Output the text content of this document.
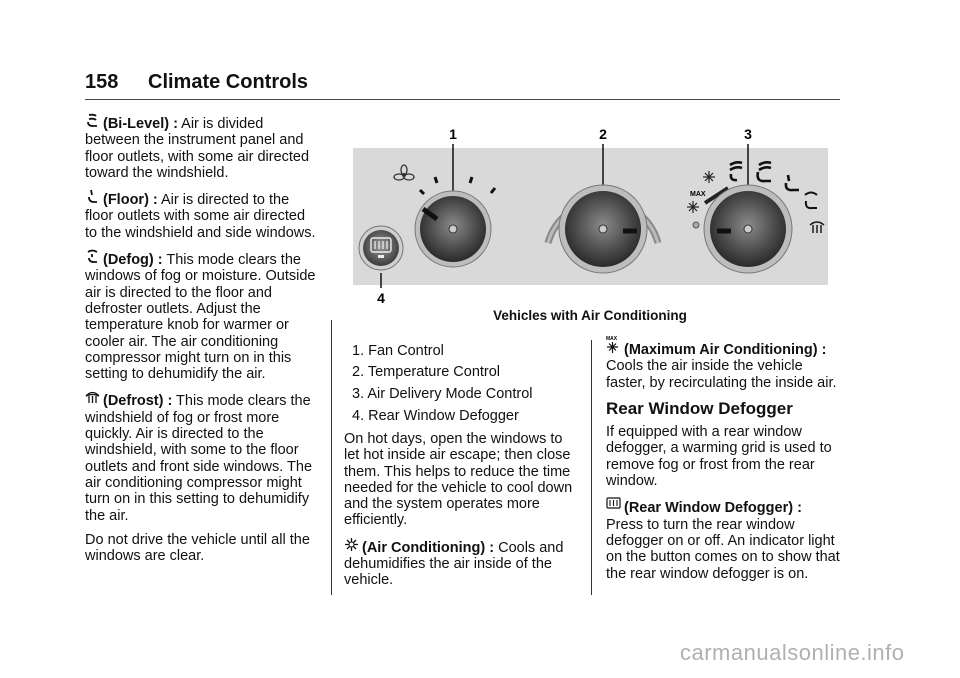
158 Climate Controls

(Bi-Level) : Air is divided between the instrument panel and floor outlets, with some air directed toward the windshield.

(Floor) : Air is directed to the floor outlets with some air directed to the windshield and side windows.

(Defog) : This mode clears the windows of fog or moisture. Outside air is directed to the floor and defroster outlets. Adjust the temperature knob for warmer or cooler air. The air conditioning compressor might turn on in this setting to dehumidify the air.

(Defrost) : This mode clears the windshield of fog or frost more quickly. Air is directed to the windshield, with some to the floor outlets and front side windows. The air conditioning compressor might turn on in this setting to dehumidify the air.

Do not drive the vehicle until all the windows are clear.

1	2	3
4
MAX
Vehicles with Air Conditioning
1. Fan Control
2. Temperature Control
3. Air Delivery Mode Control
4. Rear Window Defogger

On hot days, open the windows to let hot inside air escape; then close them. This helps to reduce the time needed for the vehicle to cool down and the system operates more efficiently.

(Air Conditioning) : Cools and dehumidifies the air inside of the vehicle.

MAX
(Maximum Air Conditioning) :
Cools the air inside the vehicle faster, by recirculating the inside air.

Rear Window Defogger

If equipped with a rear window defogger, a warming grid is used to remove fog or frost from the rear window.

(Rear Window Defogger) :
Press to turn the rear window defogger on or off. An indicator light on the button comes on to show that the rear window defogger is on.

carmanualsonline.info
